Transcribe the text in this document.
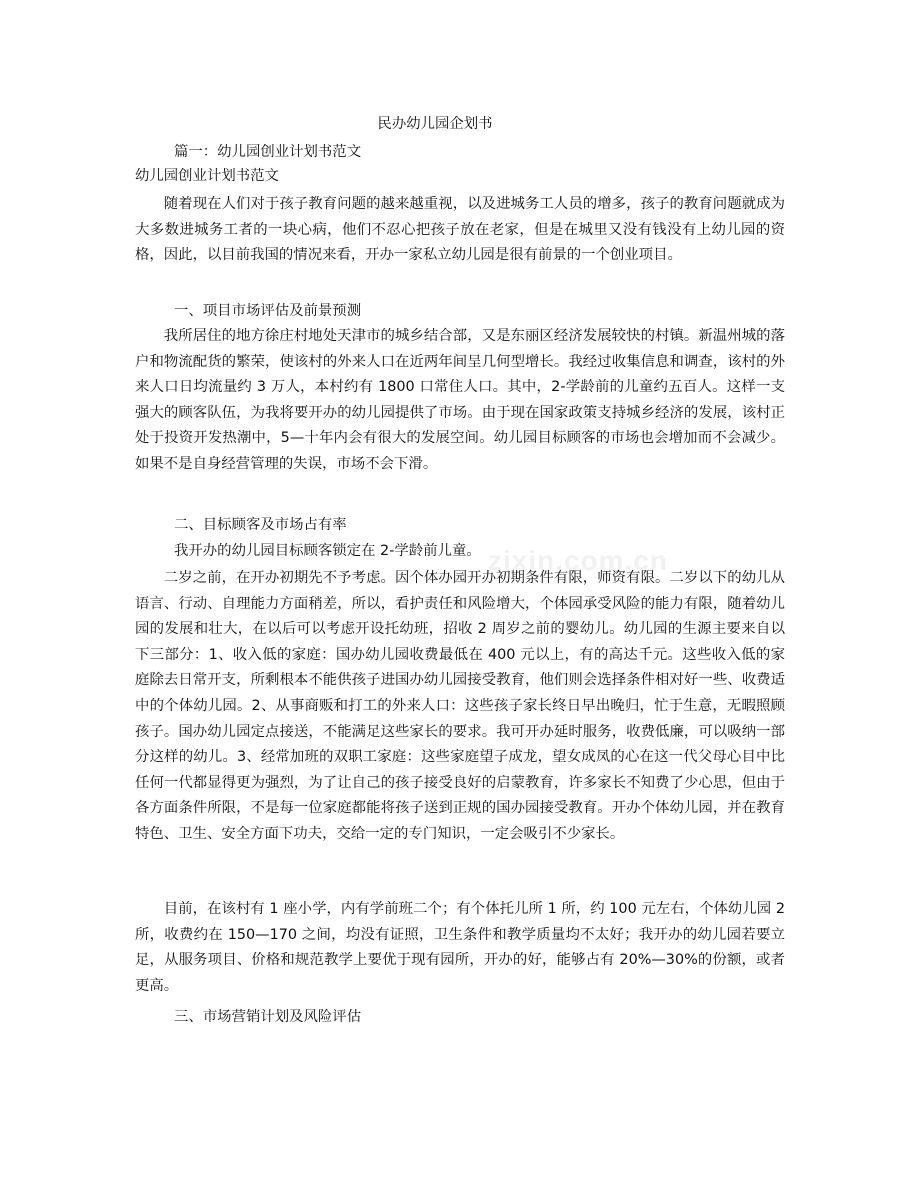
zixin.com.cn
民办幼儿园企划书
篇一：幼儿园创业计划书范文
幼儿园创业计划书范文

随着现在人们对于孩子教育问题的越来越重视，以及进城务工人员的增多，孩子的教育问题就成为大多数进城务工者的一块心病，他们不忍心把孩子放在老家，但是在城里又没有钱没有上幼儿园的资格，因此，以目前我国的情况来看，开办一家私立幼儿园是很有前景的一个创业项目。

一、项目市场评估及前景预测

我所居住的地方徐庄村地处天津市的城乡结合部，又是东丽区经济发展较快的村镇。新温州城的落户和物流配货的繁荣，使该村的外来人口在近两年间呈几何型增长。我经过收集信息和调查，该村的外来人口日均流量约 3 万人，本村约有 1800 口常住人口。其中，2-学龄前的儿童约五百人。这样一支强大的顾客队伍，为我将要开办的幼儿园提供了市场。由于现在国家政策支持城乡经济的发展，该村正处于投资开发热潮中，5—十年内会有很大的发展空间。幼儿园目标顾客的市场也会增加而不会减少。如果不是自身经营管理的失误，市场不会下滑。

二、目标顾客及市场占有率
我开办的幼儿园目标顾客锁定在 2-学龄前儿童。

二岁之前，在开办初期先不予考虑。因个体办园开办初期条件有限，师资有限。二岁以下的幼儿从语言、行动、自理能力方面稍差，所以，看护责任和风险增大，个体园承受风险的能力有限，随着幼儿园的发展和壮大，在以后可以考虑开设托幼班，招收 2 周岁之前的婴幼儿。幼儿园的生源主要来自以下三部分：1、收入低的家庭：国办幼儿园收费最低在 400 元以上，有的高达千元。这些收入低的家庭除去日常开支，所剩根本不能供孩子进国办幼儿园接受教育，他们则会选择条件相对好一些、收费适中的个体幼儿园。2、从事商贩和打工的外来人口：这些孩子家长终日早出晚归，忙于生意，无暇照顾孩子。国办幼儿园定点接送，不能满足这些家长的要求。我可开办延时服务，收费低廉，可以吸纳一部分这样的幼儿。3、经常加班的双职工家庭：这些家庭望子成龙，望女成凤的心在这一代父母心目中比任何一代都显得更为强烈，为了让自己的孩子接受良好的启蒙教育，许多家长不知费了少心思，但由于各方面条件所限，不是每一位家庭都能将孩子送到正规的国办园接受教育。开办个体幼儿园，并在教育特色、卫生、安全方面下功夫，交给一定的专门知识，一定会吸引不少家长。

目前，在该村有 1 座小学，内有学前班二个；有个体托儿所 1 所，约 100 元左右，个体幼儿园 2 所，收费约在 150—170 之间，均没有证照，卫生条件和教学质量均不太好；我开办的幼儿园若要立足，从服务项目、价格和规范教学上要优于现有园所，开办的好，能够占有 20%—30%的份额，或者更高。

三、市场营销计划及风险评估
